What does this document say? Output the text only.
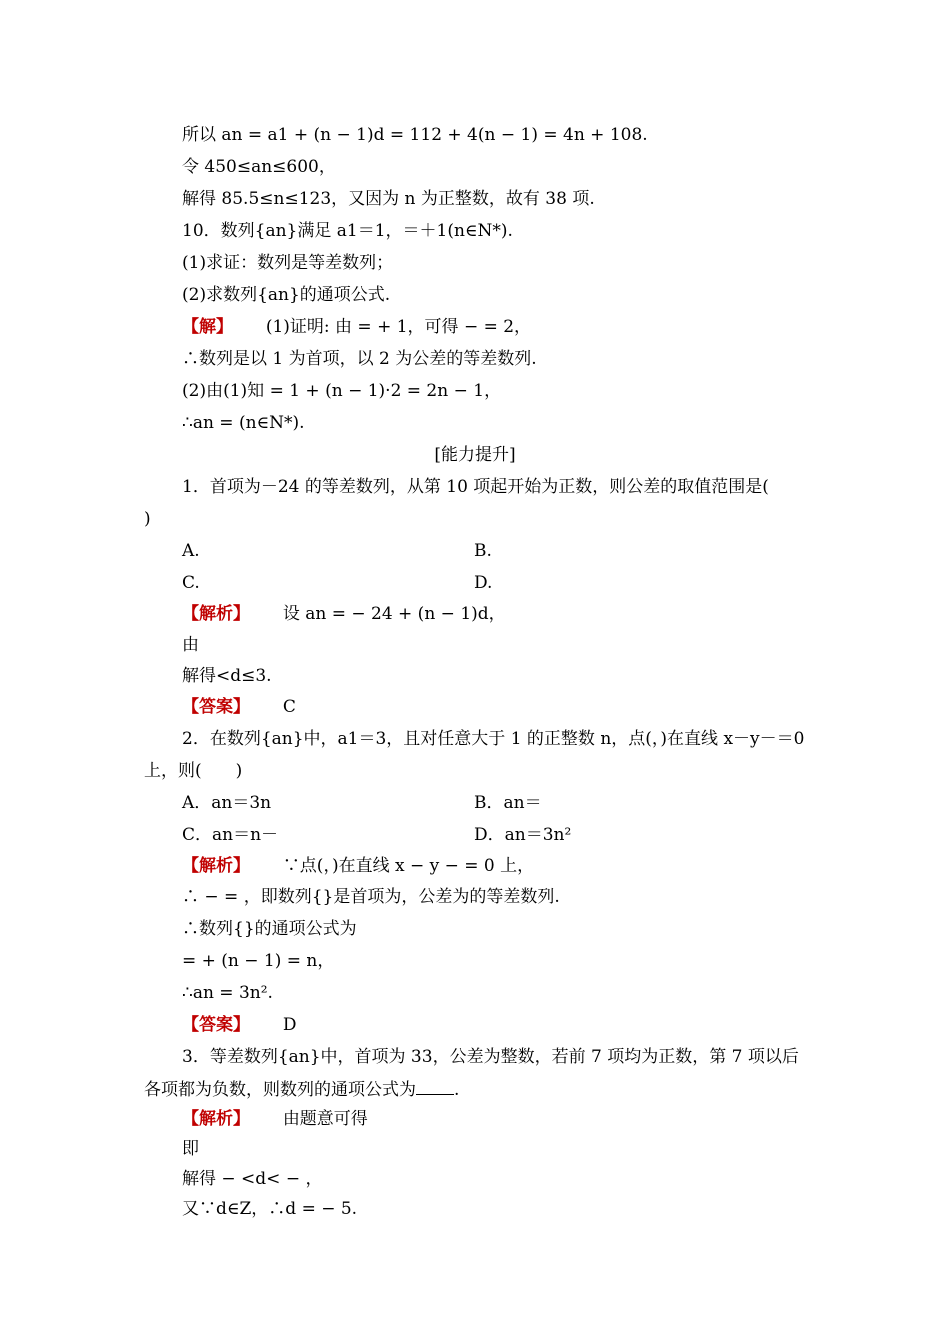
所以 an = a1 + (n − 1)d = 112 + 4(n − 1) = 4n + 108.
令 450≤an≤600，
解得 85.5≤n≤123，又因为 n 为正整数，故有 38 项.
10．数列{an}满足 a1＝1，＝＋1(n∈N*).
(1)求证：数列是等差数列；
(2)求数列{an}的通项公式.
【解】 (1)证明: 由 = + 1，可得 − = 2，
∴数列是以 1 为首项，以 2 为公差的等差数列.
(2)由(1)知 = 1 + (n − 1)·2 = 2n − 1，
∴an = (n∈N*).
[能力提升]
1．首项为－24 的等差数列，从第 10 项起开始为正数，则公差的取值范围是(
)
A.	B.
C.	D.
【解析】 设 an = − 24 + (n − 1)d，
由
解得<d≤3.
【答案】 C
2．在数列{an}中，a1＝3，且对任意大于 1 的正整数 n，点(，)在直线 x－y－＝0
上，则(　　)
A．an＝3n	B．an＝
C．an＝n－	D．an＝3n²
【解析】 ∵点(，)在直线 x − y − = 0 上，
∴ − = ，即数列{}是首项为，公差为的等差数列.
∴数列{}的通项公式为
= + (n − 1) = n，
∴an = 3n².
【答案】 D
3．等差数列{an}中，首项为 33，公差为整数，若前 7 项均为正数，第 7 项以后
各项都为负数，则数列的通项公式为 .
【解析】 由题意可得
即
解得 − <d< − ，
又∵d∈Z，∴d = − 5.
